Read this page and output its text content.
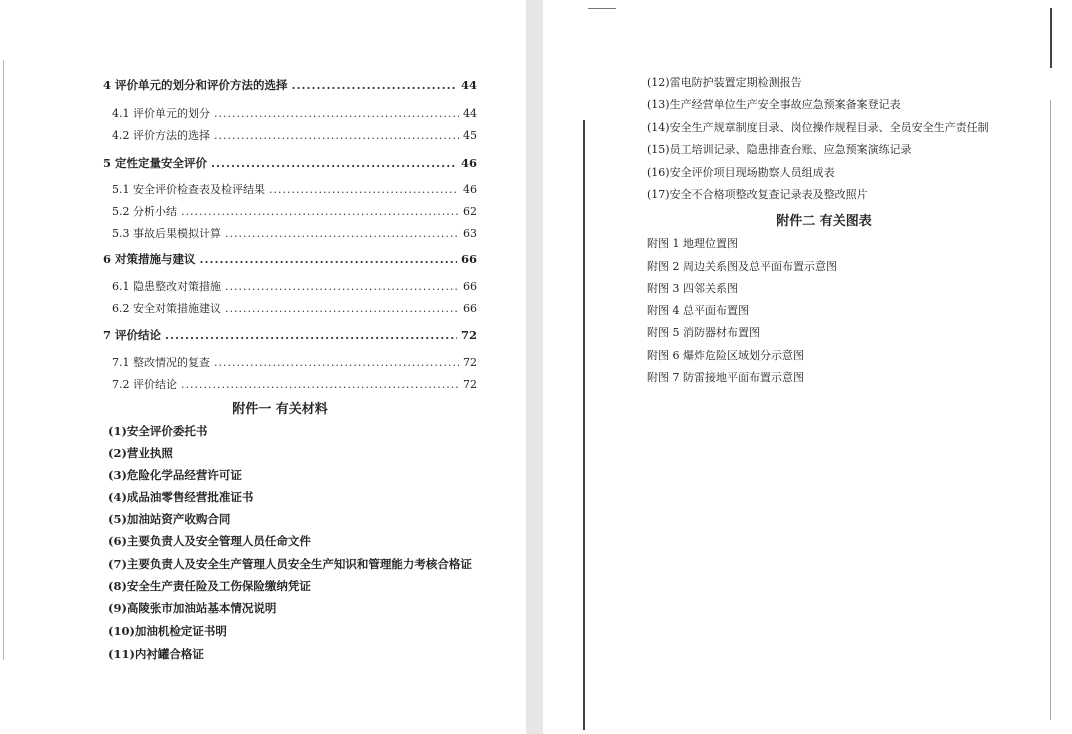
4 评价单元的划分和评价方法的选择 .....	44
4.1 评价单元的划分 .....	44
4.2 评价方法的选择 .....	45
5 定性定量安全评价 .....	46
5.1 安全评价检查表及检评结果 .....	46
5.2 分析小结 .....	62
5.3 事故后果模拟计算 .....	63
6 对策措施与建议 .....	66
6.1 隐患整改对策措施 .....	66
6.2 安全对策措施建议 .....	66
7 评价结论 .....	72
7.1 整改情况的复查 .....	72
7.2 评价结论 .....	72
附件一 有关材料
(1)安全评价委托书
(2)营业执照
(3)危险化学品经营许可证
(4)成品油零售经营批准证书
(5)加油站资产收购合同
(6)主要负责人及安全管理人员任命文件
(7)主要负责人及安全生产管理人员安全生产知识和管理能力考核合格证
(8)安全生产责任险及工伤保险缴纳凭证
(9)高陵张市加油站基本情况说明
(10)加油机检定证书明
(11)内衬罐合格证
(12)雷电防护装置定期检测报告
(13)生产经营单位生产安全事故应急预案备案登记表
(14)安全生产规章制度目录、岗位操作规程目录、全员安全生产责任制
(15)员工培训记录、隐患排查台账、应急预案演练记录
(16)安全评价项目现场勘察人员组成表
(17)安全不合格项整改复查记录表及整改照片
附件二 有关图表
附图 1 地理位置图
附图 2 周边关系图及总平面布置示意图
附图 3 四邻关系图
附图 4 总平面布置图
附图 5 消防器材布置图
附图 6 爆炸危险区域划分示意图
附图 7 防雷接地平面布置示意图
